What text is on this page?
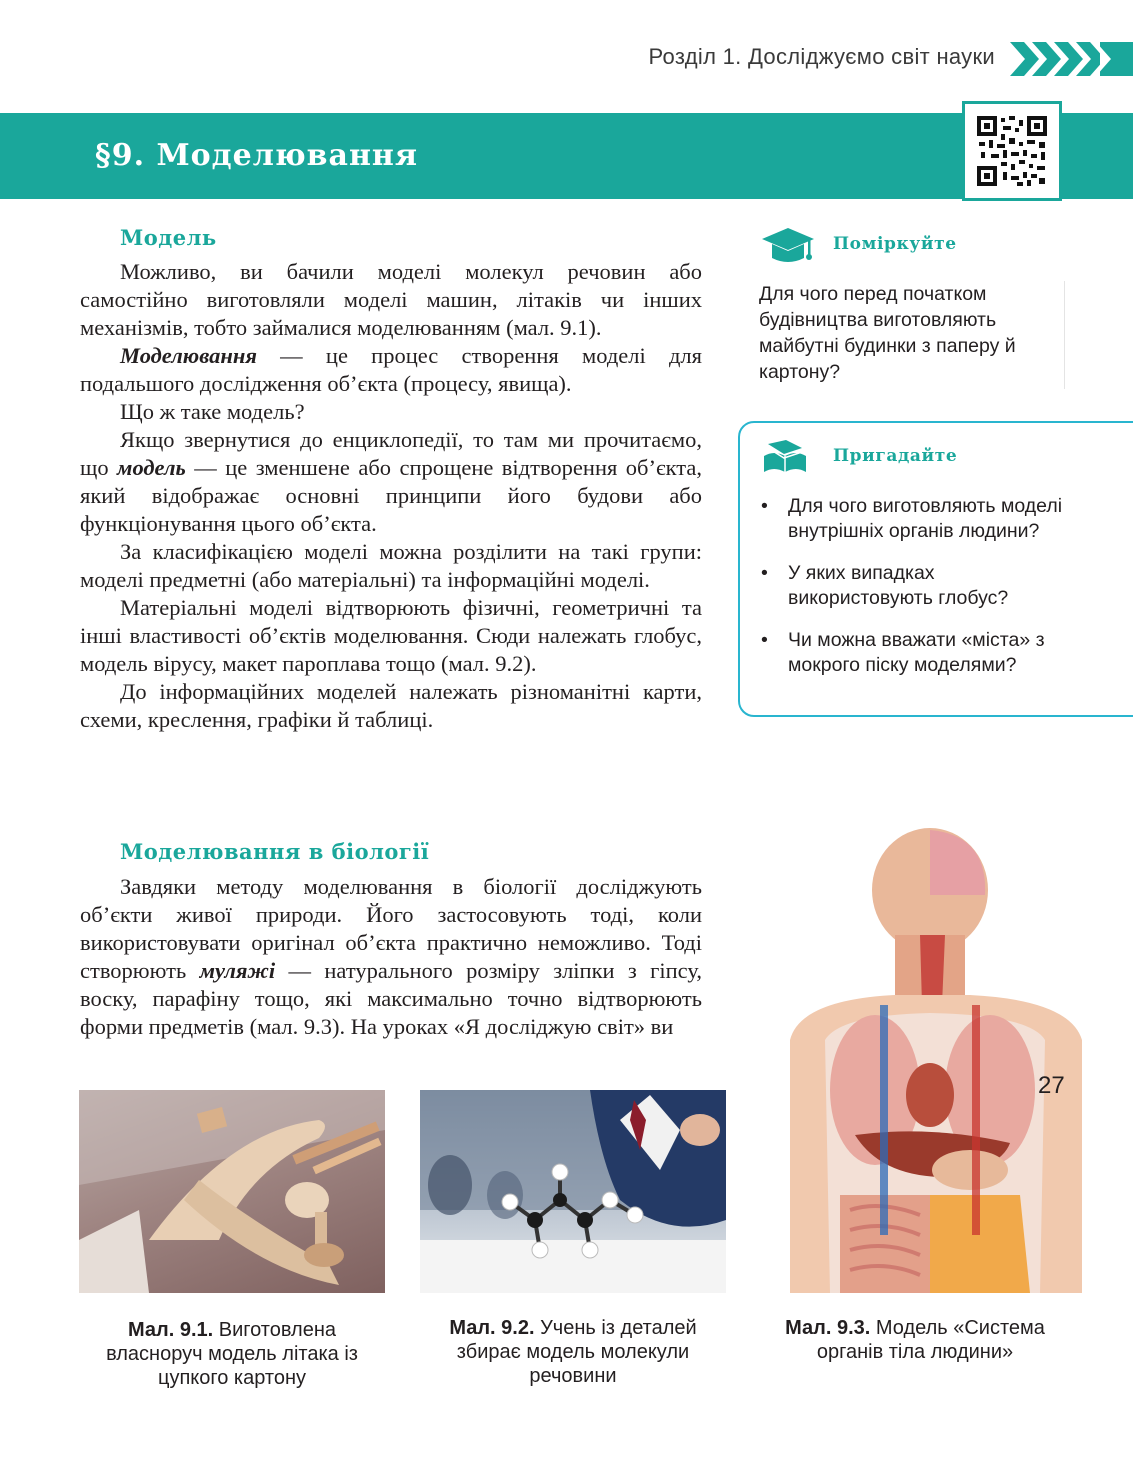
Розділ 1. Досліджуємо світ науки
§9. Моделювання
Модель

Можливо, ви бачили моделі молекул речовин або самостійно виготовляли моделі машин, літаків чи інших механізмів, тобто займалися моделюванням (мал. 9.1).

Моделювання — це процес створення моделі для подальшого дослідження об’єкта (процесу, явища).

Що ж таке модель?

Якщо звернутися до енциклопедії, то там ми прочитаємо, що модель — це зменшене або спрощене відтворення об’єкта, який відображає основні принципи його будови або функціонування цього об’єкта.

За класифікацією моделі можна розділити на такі групи: моделі предметні (або матеріальні) та інформаційні моделі.

Матеріальні моделі відтворюють фізичні, геометричні та інші властивості об’єктів моделювання. Сюди належать глобус, модель вірусу, макет пароплава тощо (мал. 9.2).

До інформаційних моделей належать різноманітні карти, схеми, креслення, графіки й таблиці.

Моделювання в біології

Завдяки методу моделювання в біології досліджують об’єкти живої природи. Його застосовують тоді, коли використовувати оригінал об’єкта практично неможливо. Тоді створюють муляжі — натурального розміру зліпки з гіпсу, воску, парафіну тощо, які максимально точно відтворюють форми предметів (мал. 9.3). На уроках «Я досліджую світ» ви

Поміркуйте
Для чого перед початком будівництва виготовляють майбутні будинки з паперу й картону?
Пригадайте
• Для чого виготовляють моделі внутрішніх органів людини?
• У яких випадках використовують глобус?
• Чи можна вважати «міста» з мокрого піску моделями?
Мал. 9.1. Виготовлена власноруч модель літака із цупкого картону
Мал. 9.2. Учень із деталей збирає модель молекули речовини
Мал. 9.3. Модель «Система органів тіла людини»
27
